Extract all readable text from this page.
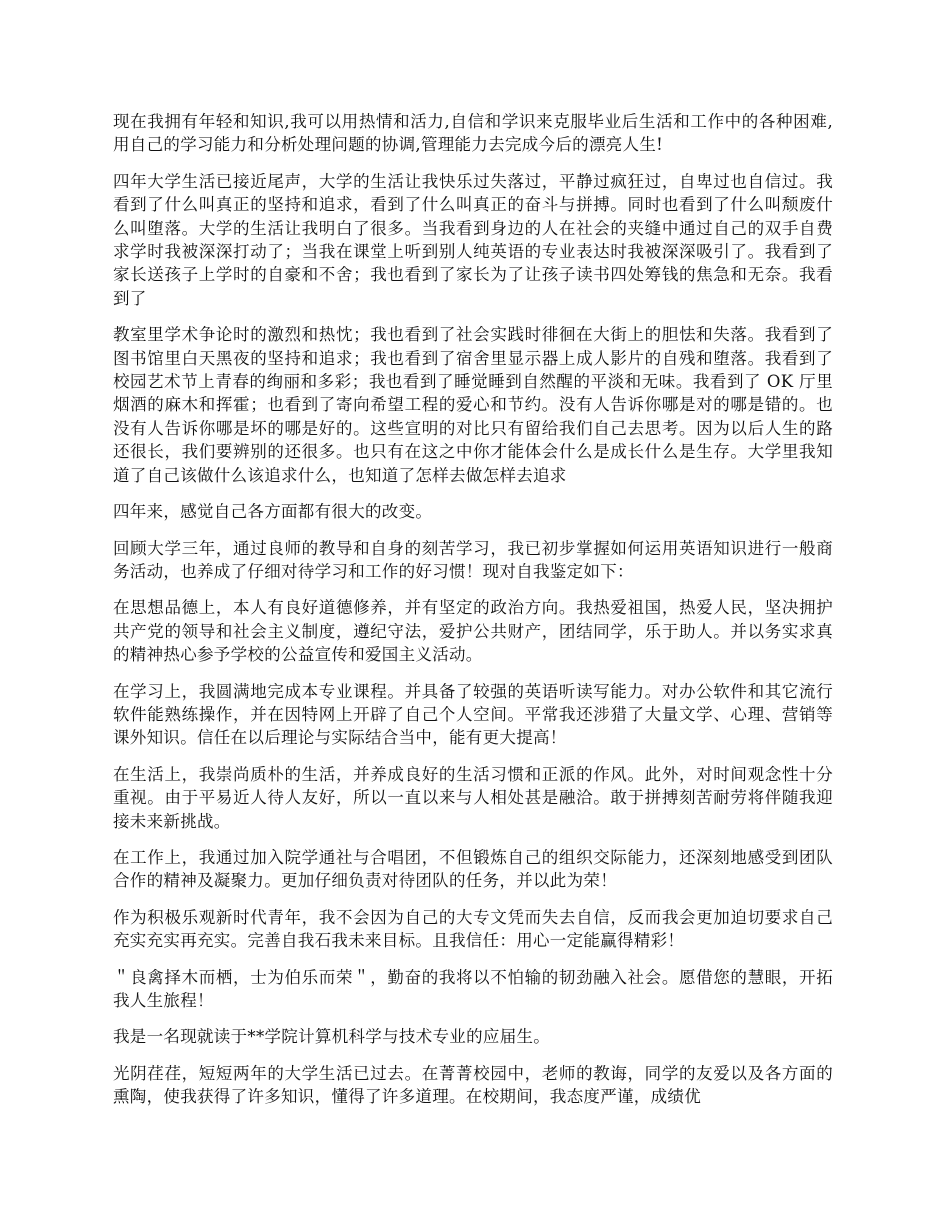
现在我拥有年轻和知识,我可以用热情和活力,自信和学识来克服毕业后生活和工作中的各种困难,用自己的学习能力和分析处理问题的协调,管理能力去完成今后的漂亮人生!

四年大学生活已接近尾声，大学的生活让我快乐过失落过，平静过疯狂过，自卑过也自信过。我看到了什么叫真正的坚持和追求，看到了什么叫真正的奋斗与拼搏。同时也看到了什么叫颓废什么叫堕落。大学的生活让我明白了很多。当我看到身边的人在社会的夹缝中通过自己的双手自费求学时我被深深打动了；当我在课堂上听到别人纯英语的专业表达时我被深深吸引了。我看到了家长送孩子上学时的自豪和不舍；我也看到了家长为了让孩子读书四处筹钱的焦急和无奈。我看到了

教室里学术争论时的激烈和热忱；我也看到了社会实践时徘徊在大街上的胆怯和失落。我看到了图书馆里白天黑夜的坚持和追求；我也看到了宿舍里显示器上成人影片的自残和堕落。我看到了校园艺术节上青春的绚丽和多彩；我也看到了睡觉睡到自然醒的平淡和无味。我看到了 OK 厅里烟酒的麻木和挥霍；也看到了寄向希望工程的爱心和节约。没有人告诉你哪是对的哪是错的。也没有人告诉你哪是坏的哪是好的。这些宣明的对比只有留给我们自己去思考。因为以后人生的路还很长，我们要辨别的还很多。也只有在这之中你才能体会什么是成长什么是生存。大学里我知道了自己该做什么该追求什么，也知道了怎样去做怎样去追求

四年来，感觉自己各方面都有很大的改变。

回顾大学三年，通过良师的教导和自身的刻苦学习，我已初步掌握如何运用英语知识进行一般商务活动，也养成了仔细对待学习和工作的好习惯！现对自我鉴定如下：

在思想品德上，本人有良好道德修养，并有坚定的政治方向。我热爱祖国，热爱人民，坚决拥护共产党的领导和社会主义制度，遵纪守法，爱护公共财产，团结同学，乐于助人。并以务实求真的精神热心参予学校的公益宣传和爱国主义活动。

在学习上，我圆满地完成本专业课程。并具备了较强的英语听读写能力。对办公软件和其它流行软件能熟练操作，并在因特网上开辟了自己个人空间。平常我还涉猎了大量文学、心理、营销等课外知识。信任在以后理论与实际结合当中，能有更大提高！

在生活上，我崇尚质朴的生活，并养成良好的生活习惯和正派的作风。此外，对时间观念性十分重视。由于平易近人待人友好，所以一直以来与人相处甚是融洽。敢于拼搏刻苦耐劳将伴随我迎接未来新挑战。

在工作上，我通过加入院学通社与合唱团，不但锻炼自己的组织交际能力，还深刻地感受到团队合作的精神及凝聚力。更加仔细负责对待团队的任务，并以此为荣！

作为积极乐观新时代青年，我不会因为自己的大专文凭而失去自信，反而我会更加迫切要求自己充实充实再充实。完善自我石我未来目标。且我信任：用心一定能赢得精彩！

＂良禽择木而栖，士为伯乐而荣＂，勤奋的我将以不怕输的韧劲融入社会。愿借您的慧眼，开拓我人生旅程！

我是一名现就读于**学院计算机科学与技术专业的应届生。

光阴荏荏，短短两年的大学生活已过去。在菁菁校园中，老师的教诲，同学的友爱以及各方面的熏陶，使我获得了许多知识，懂得了许多道理。在校期间，我态度严谨，成绩优
